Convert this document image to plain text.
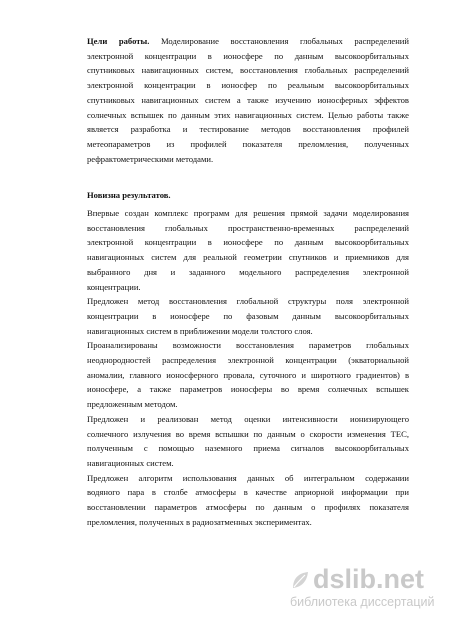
Цели работы. Моделирование восстановления глобальных распределений
электронной концентрации в ионосфере по данным высокоорбитальных
спутниковых навигационных систем, восстановления глобальных распределений
электронной концентрации в ионосфер по реальным высокоорбитальных
спутниковых навигационных систем а также изучению ионосферных эффектов
солнечных вспышек по данным этих навигационных систем. Целью работы также
является разработка и тестирование методов восстановления профилей
метеопараметров из профилей показателя преломления, полученных
рефрактометрическими методами.
Новизна результатов.
Впервые создан комплекс программ для решения прямой задачи моделирования
восстановления глобальных пространственно-временных распределений
электронной концентрации в ионосфере по данным высокоорбитальных
навигационных систем для реальной геометрии спутников и приемников для
выбранного дня и заданного модельного распределения электронной
концентрации.
Предложен метод восстановления глобальной структуры поля электронной
концентрации в ионосфере по фазовым данным высокоорбитальных
навигационных систем в приближении модели толстого слоя.
Проанализированы возможности восстановления параметров глобальных
неоднородностей распределения электронной концентрации (экваториальной
аномалии, главного ионосферного провала, суточного и широтного градиентов) в
ионосфере, а также параметров ионосферы во время солнечных вспышек
предложенным методом.
Предложен и реализован метод оценки интенсивности ионизирующего
солнечного излучения во время вспышки по данным о скорости изменения ТЕС,
полученным с помощью наземного приема сигналов высокоорбитальных
навигационных систем.
Предложен алгоритм использования данных об интегральном содержании
водяного пара в столбе атмосферы в качестве априорной информации при
восстановлении параметров атмосферы по данным о профилях показателя
преломления, полученных в радиозатменных экспериментах.
dslib.net
библиотека диссертаций
